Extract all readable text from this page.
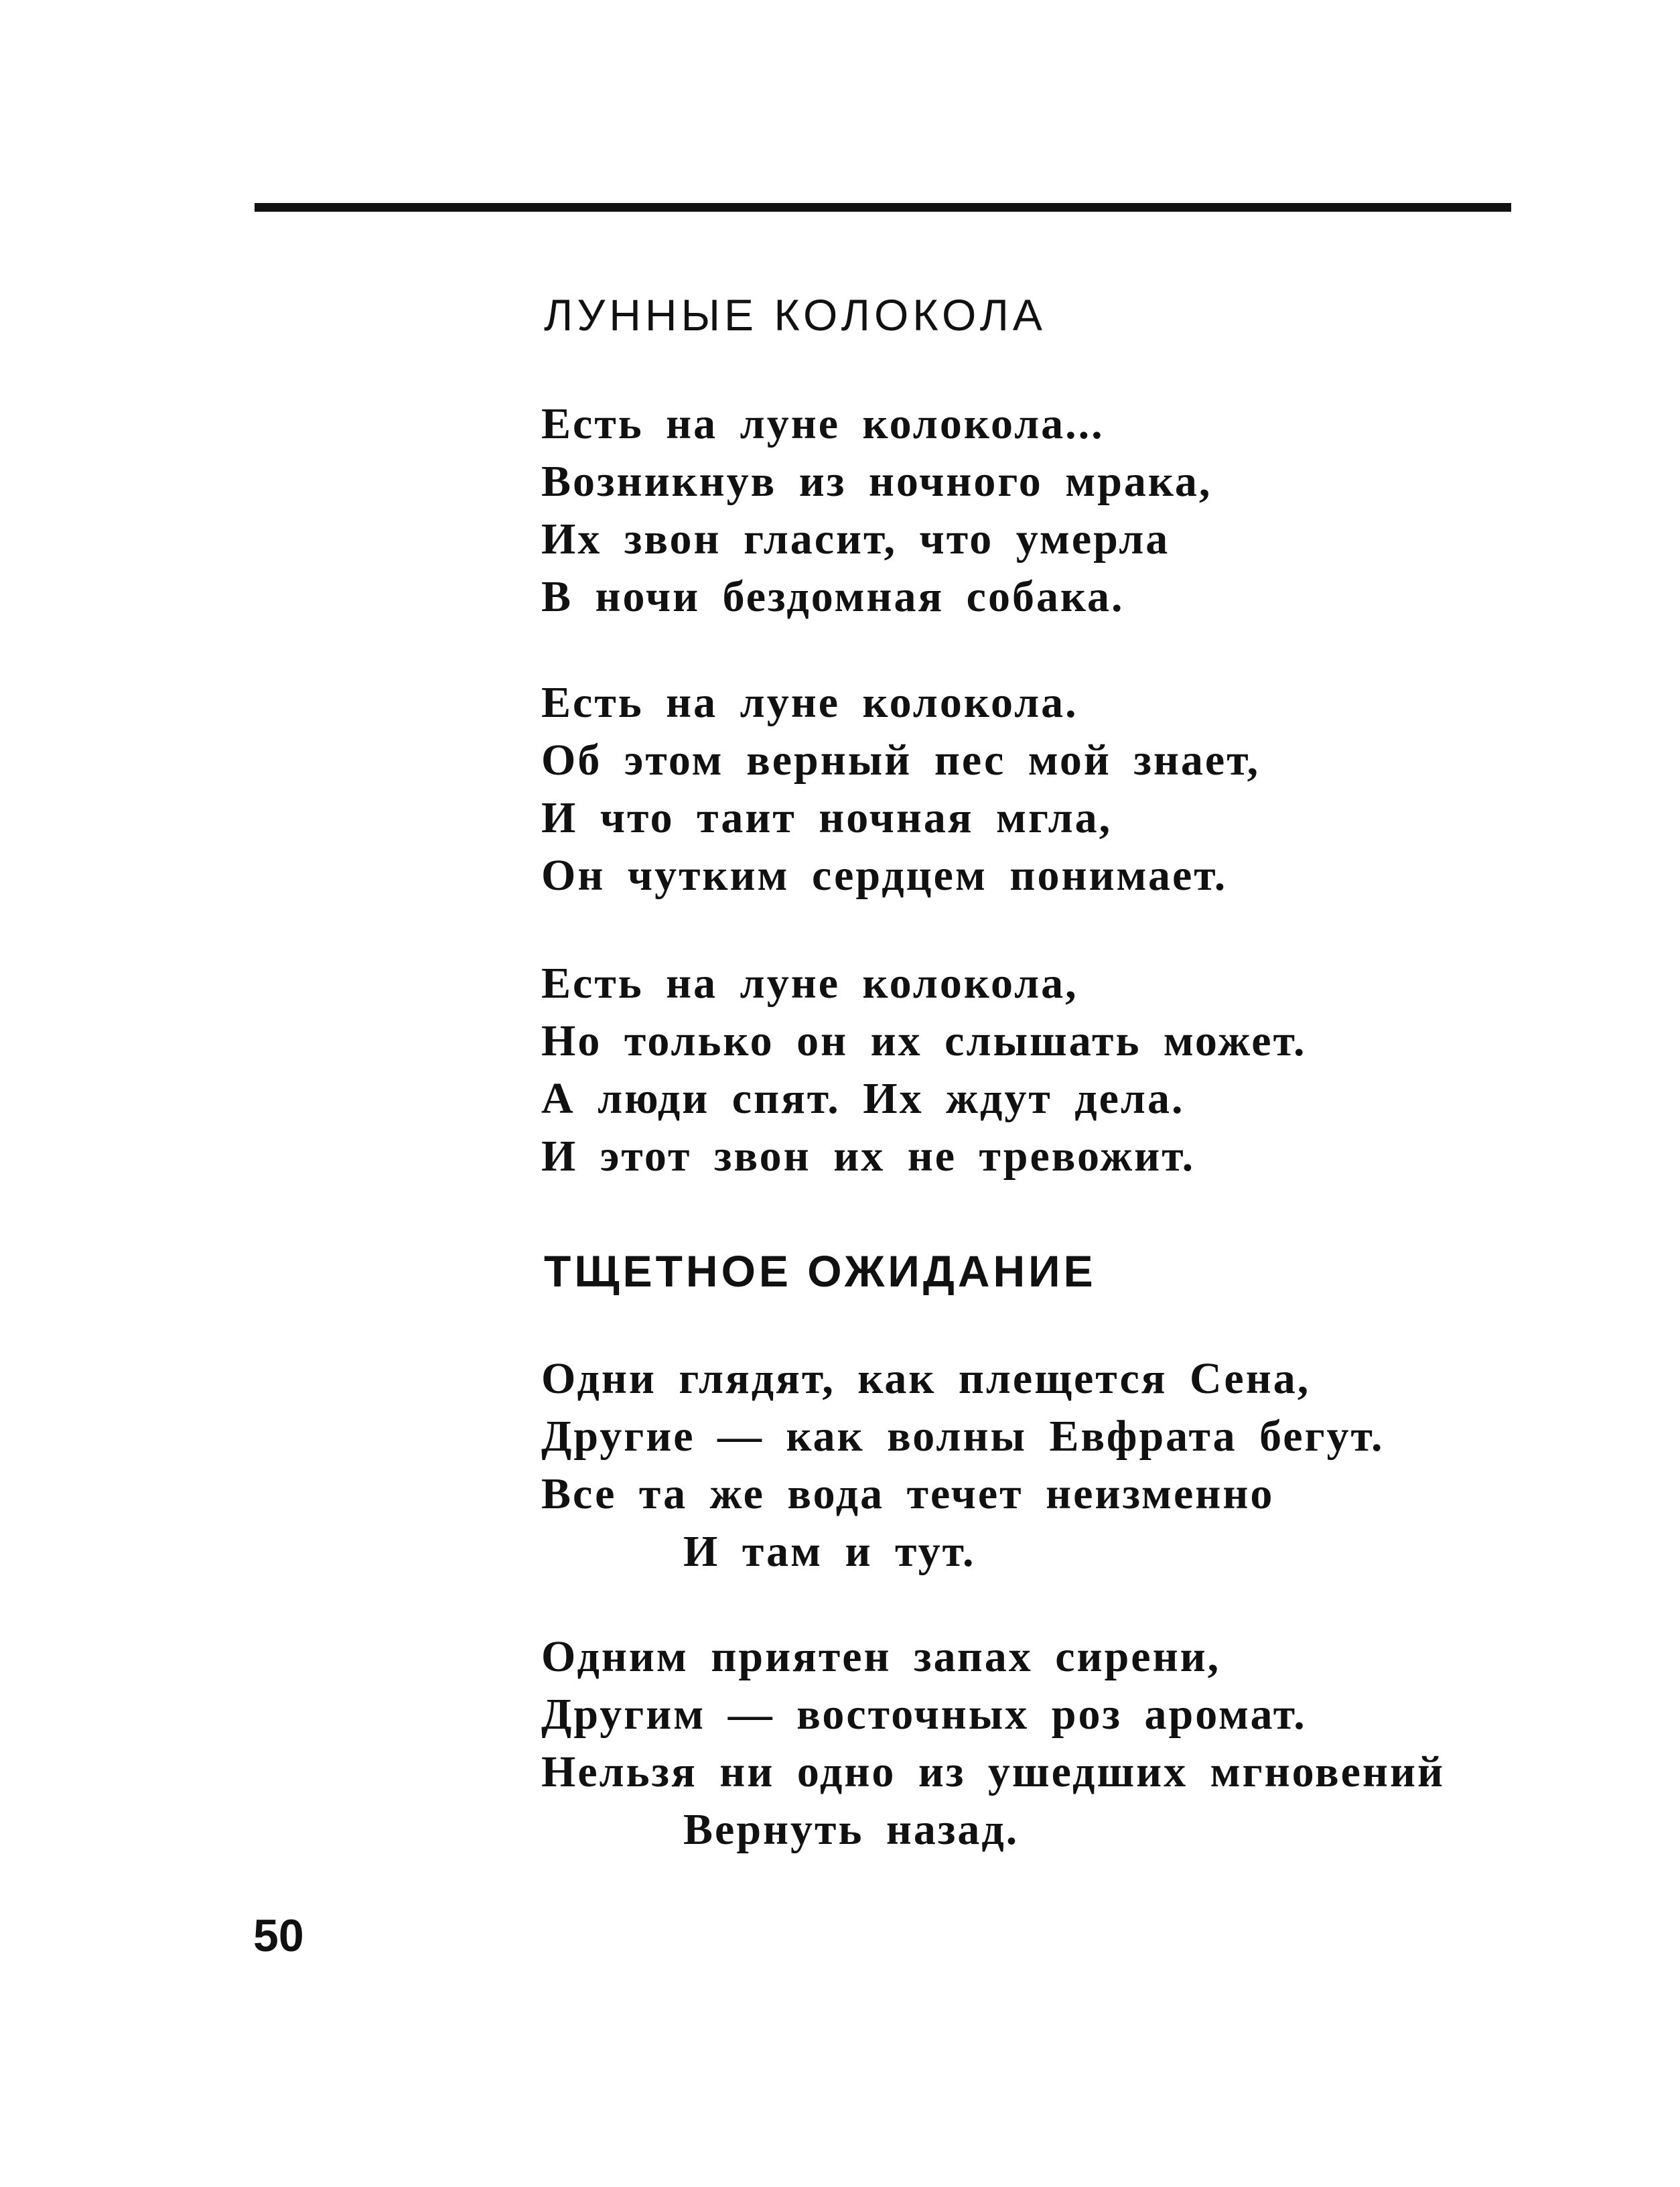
ЛУННЫЕ КОЛОКОЛА
Есть на луне колокола...
Возникнув из ночного мрака,
Их звон гласит, что умерла
В ночи бездомная собака.
Есть на луне колокола.
Об этом верный пес мой знает,
И что таит ночная мгла,
Он чутким сердцем понимает.
Есть на луне колокола,
Но только он их слышать может.
А люди спят. Их ждут дела.
И этот звон их не тревожит.
ТЩЕТНОЕ ОЖИДАНИЕ
Одни глядят, как плещется Сена,
Другие — как волны Евфрата бегут.
Все та же вода течет неизменно
И там и тут.
Одним приятен запах сирени,
Другим — восточных роз аромат.
Нельзя ни одно из ушедших мгновений
Вернуть назад.
50
